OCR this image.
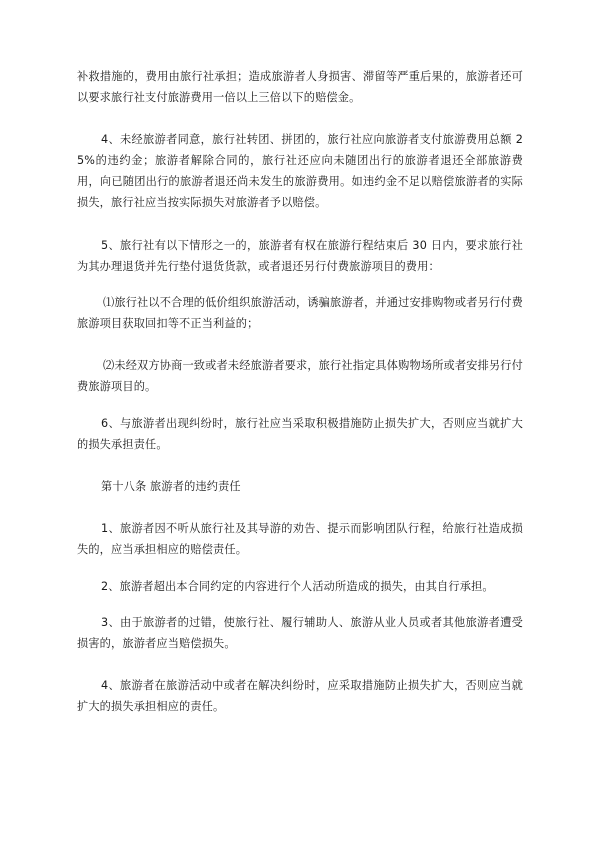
补救措施的，费用由旅行社承担；造成旅游者人身损害、滞留等严重后果的，旅游者还可以要求旅行社支付旅游费用一倍以上三倍以下的赔偿金。

4、未经旅游者同意，旅行社转团、拼团的，旅行社应向旅游者支付旅游费用总额 25%的违约金；旅游者解除合同的，旅行社还应向未随团出行的旅游者退还全部旅游费用，向已随团出行的旅游者退还尚未发生的旅游费用。如违约金不足以赔偿旅游者的实际损失，旅行社应当按实际损失对旅游者予以赔偿。

5、旅行社有以下情形之一的，旅游者有权在旅游行程结束后 30 日内，要求旅行社为其办理退货并先行垫付退货货款，或者退还另行付费旅游项目的费用：

⑴旅行社以不合理的低价组织旅游活动，诱骗旅游者，并通过安排购物或者另行付费旅游项目获取回扣等不正当利益的；

⑵未经双方协商一致或者未经旅游者要求，旅行社指定具体购物场所或者安排另行付费旅游项目的。

6、与旅游者出现纠纷时，旅行社应当采取积极措施防止损失扩大，否则应当就扩大的损失承担责任。

第十八条 旅游者的违约责任

1、旅游者因不听从旅行社及其导游的劝告、提示而影响团队行程，给旅行社造成损失的，应当承担相应的赔偿责任。

2、旅游者超出本合同约定的内容进行个人活动所造成的损失，由其自行承担。

3、由于旅游者的过错，使旅行社、履行辅助人、旅游从业人员或者其他旅游者遭受损害的，旅游者应当赔偿损失。

4、旅游者在旅游活动中或者在解决纠纷时，应采取措施防止损失扩大，否则应当就扩大的损失承担相应的责任。
